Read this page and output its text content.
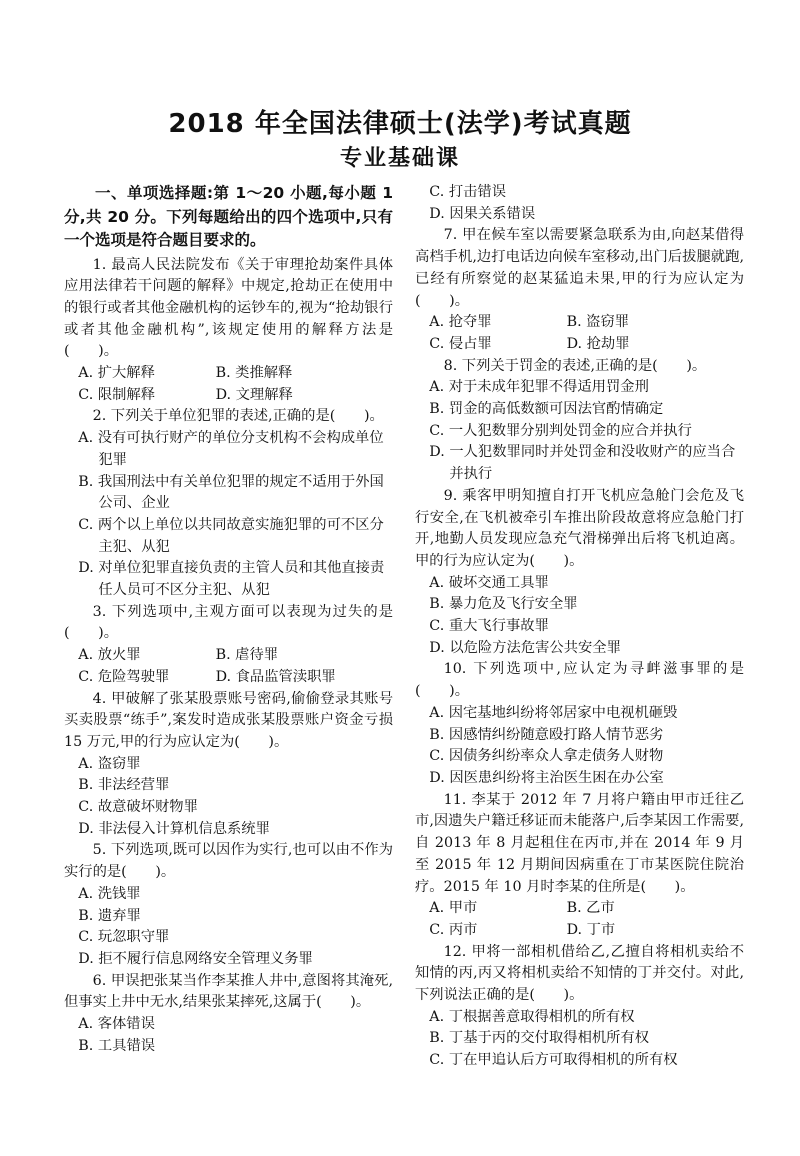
2018 年全国法律硕士(法学)考试真题
专业基础课

一、单项选择题:第 1～20 小题,每小题 1 分,共 20 分。下列每题给出的四个选项中,只有一个选项是符合题目要求的。

1. 最高人民法院发布《关于审理抢劫案件具体应用法律若干问题的解释》中规定,抢劫正在使用中的银行或者其他金融机构的运钞车的,视为“抢劫银行或者其他金融机构”,该规定使用的解释方法是(　　)。

A. 扩大解释	B. 类推解释
C. 限制解释	D. 文理解释

2. 下列关于单位犯罪的表述,正确的是(　　)。

A. 没有可执行财产的单位分支机构不会构成单位犯罪

B. 我国刑法中有关单位犯罪的规定不适用于外国公司、企业

C. 两个以上单位以共同故意实施犯罪的可不区分主犯、从犯

D. 对单位犯罪直接负责的主管人员和其他直接责任人员可不区分主犯、从犯

3. 下列选项中,主观方面可以表现为过失的是(　　)。

A. 放火罪	B. 虐待罪
C. 危险驾驶罪	D. 食品监管渎职罪

4. 甲破解了张某股票账号密码,偷偷登录其账号买卖股票“练手”,案发时造成张某股票账户资金亏损 15 万元,甲的行为应认定为(　　)。

A. 盗窃罪

B. 非法经营罪

C. 故意破坏财物罪

D. 非法侵入计算机信息系统罪

5. 下列选项,既可以因作为实行,也可以由不作为实行的是(　　)。

A. 洗钱罪

B. 遗弃罪

C. 玩忽职守罪

D. 拒不履行信息网络安全管理义务罪

6. 甲误把张某当作李某推人井中,意图将其淹死,但事实上井中无水,结果张某摔死,这属于(　　)。

A. 客体错误

B. 工具错误

C. 打击错误

D. 因果关系错误

7. 甲在候车室以需要紧急联系为由,向赵某借得高档手机,边打电话边向候车室移动,出门后拔腿就跑,已经有所察觉的赵某猛追未果,甲的行为应认定为(　　)。

A. 抢夺罪	B. 盗窃罪
C. 侵占罪	D. 抢劫罪

8. 下列关于罚金的表述,正确的是(　　)。

A. 对于未成年犯罪不得适用罚金刑

B. 罚金的高低数额可因法官酌情确定

C. 一人犯数罪分别判处罚金的应合并执行

D. 一人犯数罪同时并处罚金和没收财产的应当合并执行

9. 乘客甲明知擅自打开飞机应急舱门会危及飞行安全,在飞机被牵引车推出阶段故意将应急舱门打开,地勤人员发现应急充气滑梯弹出后将飞机迫离。甲的行为应认定为(　　)。

A. 破坏交通工具罪

B. 暴力危及飞行安全罪

C. 重大飞行事故罪

D. 以危险方法危害公共安全罪

10. 下列选项中,应认定为寻衅滋事罪的是(　　)。

A. 因宅基地纠纷将邻居家中电视机砸毁

B. 因感情纠纷随意殴打路人情节恶劣

C. 因债务纠纷率众人拿走债务人财物

D. 因医患纠纷将主治医生困在办公室

11. 李某于 2012 年 7 月将户籍由甲市迁往乙市,因遗失户籍迁移证而未能落户,后李某因工作需要,自 2013 年 8 月起租住在丙市,并在 2014 年 9 月至 2015 年 12 月期间因病重在丁市某医院住院治疗。2015 年 10 月时李某的住所是(　　)。

A. 甲市	B. 乙市
C. 丙市	D. 丁市

12. 甲将一部相机借给乙,乙擅自将相机卖给不知情的丙,丙又将相机卖给不知情的丁并交付。对此,下列说法正确的是(　　)。

A. 丁根据善意取得相机的所有权

B. 丁基于丙的交付取得相机所有权

C. 丁在甲追认后方可取得相机的所有权
